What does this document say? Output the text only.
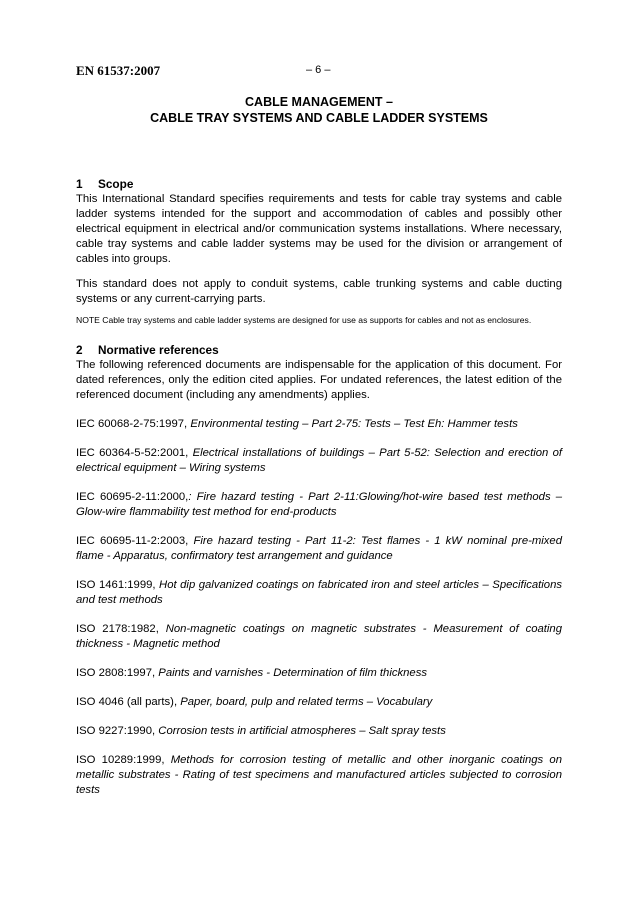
EN 61537:2007	– 6 –
CABLE MANAGEMENT –
CABLE TRAY SYSTEMS AND CABLE LADDER SYSTEMS

1 Scope

This International Standard specifies requirements and tests for cable tray systems and cable ladder systems intended for the support and accommodation of cables and possibly other electrical equipment in electrical and/or communication systems installations. Where necessary, cable tray systems and cable ladder systems may be used for the division or arrangement of cables into groups.

This standard does not apply to conduit systems, cable trunking systems and cable ducting systems or any current-carrying parts.

NOTE Cable tray systems and cable ladder systems are designed for use as supports for cables and not as enclosures.

2 Normative references

The following referenced documents are indispensable for the application of this document. For dated references, only the edition cited applies. For undated references, the latest edition of the referenced document (including any amendments) applies.

IEC 60068-2-75:1997, Environmental testing – Part 2-75: Tests – Test Eh: Hammer tests

IEC 60364-5-52:2001, Electrical installations of buildings – Part 5-52: Selection and erection of electrical equipment – Wiring systems

IEC 60695-2-11:2000,: Fire hazard testing - Part 2-11:Glowing/hot-wire based test methods – Glow-wire flammability test method for end-products

IEC 60695-11-2:2003, Fire hazard testing - Part 11-2: Test flames - 1 kW nominal pre-mixed flame - Apparatus, confirmatory test arrangement and guidance

ISO 1461:1999, Hot dip galvanized coatings on fabricated iron and steel articles – Specifications and test methods

ISO 2178:1982, Non-magnetic coatings on magnetic substrates - Measurement of coating thickness - Magnetic method

ISO 2808:1997, Paints and varnishes - Determination of film thickness

ISO 4046 (all parts), Paper, board, pulp and related terms – Vocabulary

ISO 9227:1990, Corrosion tests in artificial atmospheres – Salt spray tests

ISO 10289:1999, Methods for corrosion testing of metallic and other inorganic coatings on metallic substrates - Rating of test specimens and manufactured articles subjected to corrosion tests
